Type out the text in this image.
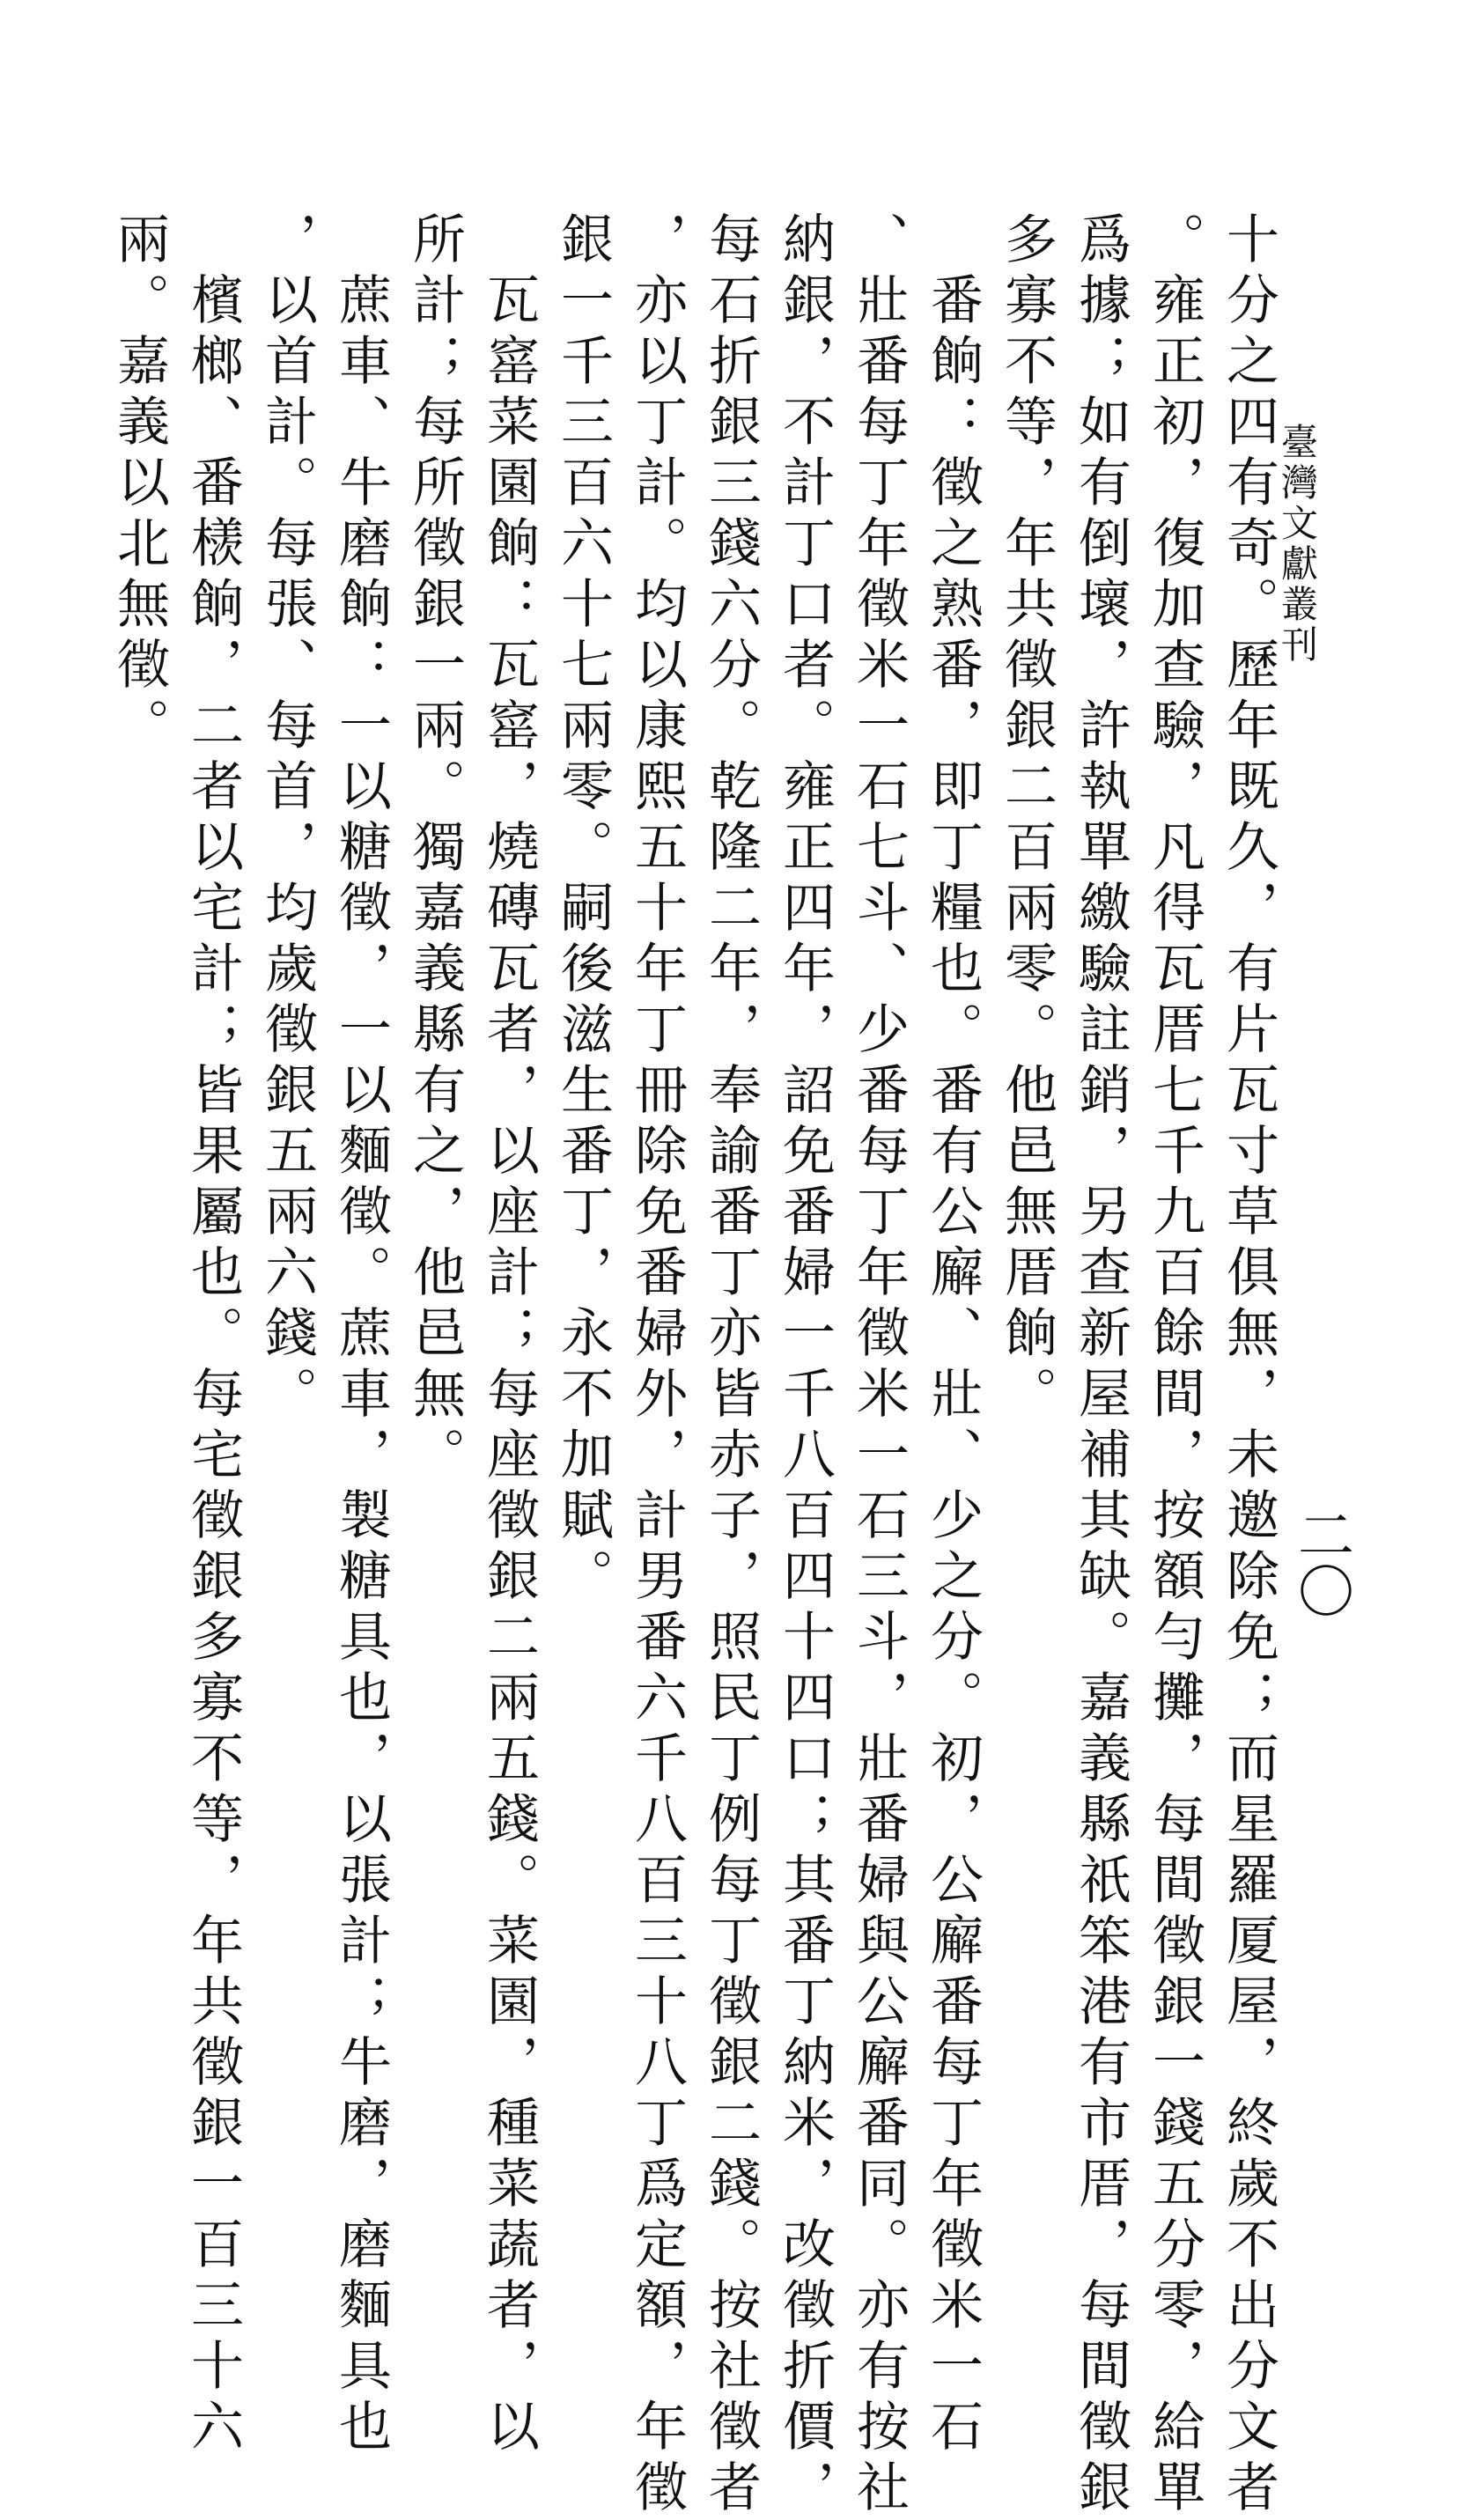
臺灣文獻叢刊
二〇
十分之四有奇。歷年既久，有片瓦寸草俱無，未邀除免；而星羅厦屋，終歲不出分文者
。雍正初，復加查驗，凡得瓦厝七千九百餘間，按額勻攤，每間徵銀一錢五分零，給單
爲據；如有倒壞，許執單繳驗註銷，另查新屋補其缺。嘉義縣祇笨港有市厝，每間徵銀
多寡不等，年共徵銀二百兩零。他邑無厝餉。
　番餉：徵之熟番，即丁糧也。番有公廨、壯、少之分。初，公廨番每丁年徵米一石
、壯番每丁年徵米一石七斗、少番每丁年徵米一石三斗，壯番婦與公廨番同。亦有按社
納銀，不計丁口者。雍正四年，詔免番婦一千八百四十四口；其番丁納米，改徵折價，
每石折銀三錢六分。乾隆二年，奉諭番丁亦皆赤子，照民丁例每丁徵銀二錢。按社徵者
，亦以丁計。均以康熙五十年丁冊除免番婦外，計男番六千八百三十八丁爲定額，年徵
銀一千三百六十七兩零。嗣後滋生番丁，永不加賦。
　瓦窰菜園餉：瓦窰，燒磚瓦者，以座計；每座徵銀二兩五錢。菜園，種菜蔬者，以
所計；每所徵銀一兩。獨嘉義縣有之，他邑無。
　蔗車、牛磨餉：一以糖徵，一以麵徵。蔗車，製糖具也，以張計；牛磨，磨麵具也
，以首計。每張、每首，均歲徵銀五兩六錢。
　檳榔、番檨餉，二者以宅計；皆果屬也。每宅徵銀多寡不等，年共徵銀一百三十六
兩。嘉義以北無徵。
